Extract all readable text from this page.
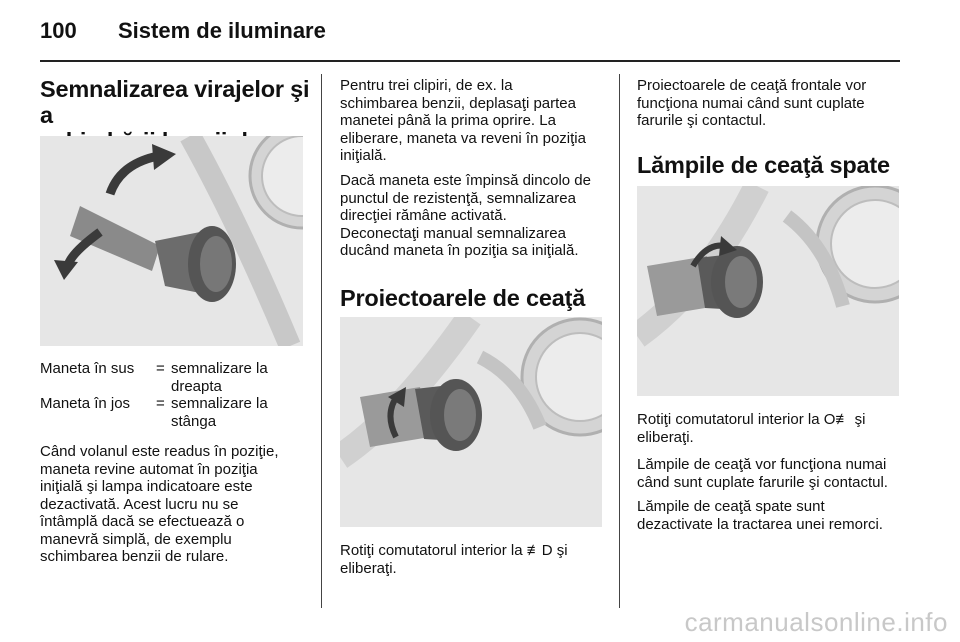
100 Sistem de iluminare
Semnalizarea virajelor şi a

Maneta în sus = semnalizare la dreapta
Maneta în jos = semnalizare la stânga

Când volanul este readus în poziţie,
maneta revine automat în poziţia
iniţială şi lampa indicatoare este
dezactivată. Acest lucru nu se
întâmplă dacă se efectuează o
manevră simplă, de exemplu
schimbarea benzii de rulare.

Pentru trei clipiri, de ex. la
schimbarea benzii, deplasaţi partea
manetei până la prima oprire. La
eliberare, maneta va reveni în poziţia
iniţială.

Dacă maneta este împinsă dincolo de
punctul de rezistenţă, semnalizarea
direcţiei rămâne activată.
Deconectaţi manual semnalizarea
ducând maneta în poziţia sa iniţială.

Proiectoarele de ceaţă

Rotiţi comutatorul interior la ≢D şi
eliberaţi.

Proiectoarele de ceaţă frontale vor
funcţiona numai când sunt cuplate
farurile şi contactul.

Lămpile de ceaţă spate

Rotiţi comutatorul interior la O≢ şi
eliberaţi.

Lămpile de ceaţă vor funcţiona numai
când sunt cuplate farurile şi contactul.

Lămpile de ceaţă spate sunt
dezactivate la tractarea unei remorci.

carmanualsonline.info
